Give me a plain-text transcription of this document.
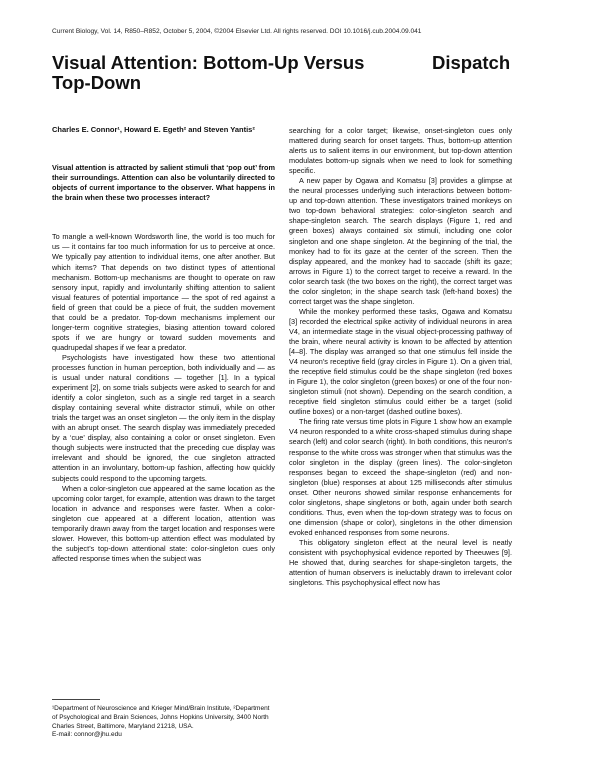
Current Biology, Vol. 14, R850–R852, October 5, 2004, ©2004 Elsevier Ltd. All rights reserved. DOI 10.1016/j.cub.2004.09.041
Visual Attention: Bottom-Up Versus Top-Down
Dispatch
Charles E. Connor¹, Howard E. Egeth² and Steven Yantis²

Visual attention is attracted by salient stimuli that ‘pop out’ from their surroundings. Attention can also be voluntarily directed to objects of current importance to the observer. What happens in the brain when these two processes interact?

To mangle a well-known Wordsworth line, the world is too much for us — it contains far too much information for us to perceive at once. We typically pay attention to individual items, one after another. But which items? That depends on two distinct types of attentional mechanism. Bottom-up mechanisms are thought to operate on raw sensory input, rapidly and involuntarily shifting attention to salient visual features of potential importance — the spot of red against a field of green that could be a piece of fruit, the sudden movement that could be a predator. Top-down mechanisms implement our longer-term cognitive strategies, biasing attention toward colored spots if we are hungry or toward sudden movements and quadrupedal shapes if we fear a predator.

Psychologists have investigated how these two attentional processes function in human perception, both individually and — as is usual under natural conditions — together [1]. In a typical experiment [2], on some trials subjects were asked to search for and identify a color singleton, such as a single red target in a search display containing several white distractor stimuli, while on other trials the target was an onset singleton — the only item in the display with an abrupt onset. The search display was immediately preceded by a ‘cue’ display, also containing a color or onset singleton. Even though subjects were instructed that the preceding cue display was irrelevant and should be ignored, the cue singleton attracted attention in an involuntary, bottom-up fashion, affecting how quickly subjects could respond to the upcoming targets.

When a color-singleton cue appeared at the same location as the upcoming color target, for example, attention was drawn to the target location in advance and responses were faster. When a color-singleton cue appeared at a different location, attention was temporarily drawn away from the target location and responses were slower. However, this bottom-up attention effect was modulated by the subject’s top-down attentional state: color-singleton cues only affected response times when the subject was

¹Department of Neuroscience and Krieger Mind/Brain Institute, ²Department of Psychological and Brain Sciences, Johns Hopkins University, 3400 North Charles Street, Baltimore, Maryland 21218, USA.

E-mail: connor@jhu.edu

searching for a color target; likewise, onset-singleton cues only mattered during search for onset targets. Thus, bottom-up attention alerts us to salient items in our environment, but top-down attention modulates bottom-up signals when we need to look for something specific.

A new paper by Ogawa and Komatsu [3] provides a glimpse at the neural processes underlying such interactions between bottom-up and top-down attention. These investigators trained monkeys on two top-down behavioral strategies: color-singleton search and shape-singleton search. The search displays (Figure 1, red and green boxes) always contained six stimuli, including one color singleton and one shape singleton. At the beginning of the trial, the monkey had to fix its gaze at the center of the screen. Then the display appeared, and the monkey had to saccade (shift its gaze; arrows in Figure 1) to the correct target to receive a reward. In the color search task (the two boxes on the right), the correct target was the color singleton; in the shape search task (left-hand boxes) the correct target was the shape singleton.

While the monkey performed these tasks, Ogawa and Komatsu [3] recorded the electrical spike activity of individual neurons in area V4, an intermediate stage in the visual object-processing pathway of the brain, where neural activity is known to be affected by attention [4–8]. The display was arranged so that one stimulus fell inside the V4 neuron’s receptive field (gray circles in Figure 1). On a given trial, the receptive field stimulus could be the shape singleton (red boxes in Figure 1), the color singleton (green boxes) or one of the four non-singleton stimuli (not shown). Depending on the search condition, a receptive field singleton stimulus could either be a target (solid outline boxes) or a non-target (dashed outline boxes).

The firing rate versus time plots in Figure 1 show how an example V4 neuron responded to a white cross-shaped stimulus during shape search (left) and color search (right). In both conditions, this neuron’s response to the white cross was stronger when that stimulus was the color singleton in the display (green lines). The color-singleton responses began to exceed the shape-singleton (red) and non-singleton (blue) responses at about 125 milliseconds after stimulus onset. Other neurons showed similar response enhancements for color singletons, shape singletons or both, again under both search conditions. Thus, even when the top-down strategy was to focus on one dimension (shape or color), singletons in the other dimension evoked enhanced responses from some neurons.

This obligatory singleton effect at the neural level is neatly consistent with psychophysical evidence reported by Theeuwes [9]. He showed that, during searches for shape-singleton targets, the attention of human observers is ineluctably drawn to irrelevant color singletons. This psychophysical effect now has
